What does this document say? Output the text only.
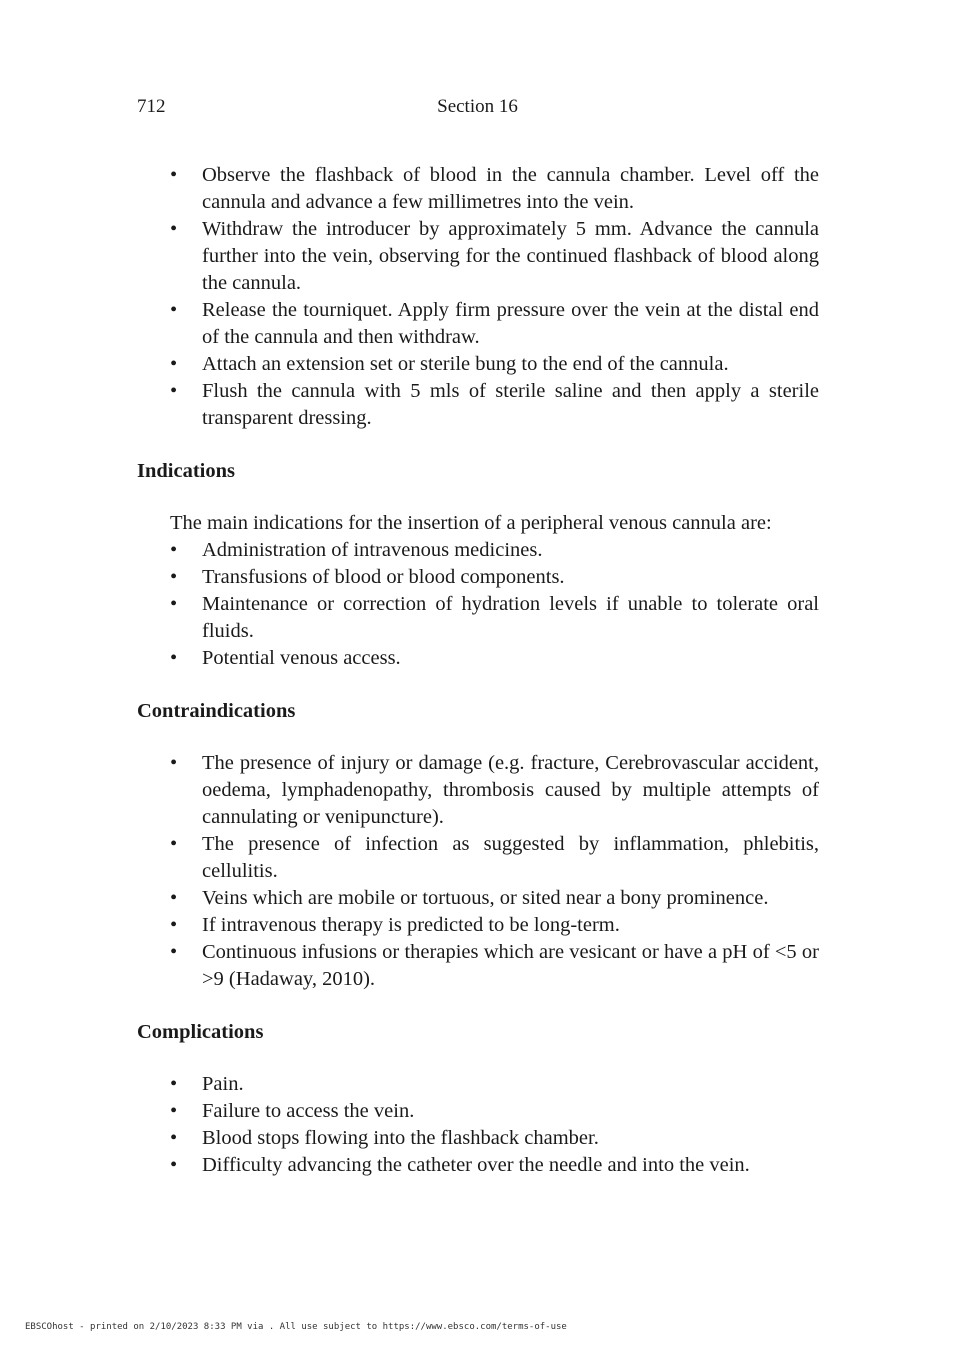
712	Section 16
• Observe the flashback of blood in the cannula chamber. Level off the cannula and advance a few millimetres into the vein.
• Withdraw the introducer by approximately 5 mm. Advance the cannula further into the vein, observing for the continued flashback of blood along the cannula.
• Release the tourniquet. Apply firm pressure over the vein at the distal end of the cannula and then withdraw.
• Attach an extension set or sterile bung to the end of the cannula.
• Flush the cannula with 5 mls of sterile saline and then apply a sterile transparent dressing.
Indications
The main indications for the insertion of a peripheral venous cannula are:
• Administration of intravenous medicines.
• Transfusions of blood or blood components.
• Maintenance or correction of hydration levels if unable to tolerate oral fluids.
• Potential venous access.
Contraindications
• The presence of injury or damage (e.g. fracture, Cerebrovascular accident, oedema, lymphadenopathy, thrombosis caused by multiple attempts of cannulating or venipuncture).
• The presence of infection as suggested by inflammation, phlebitis, cellulitis.
• Veins which are mobile or tortuous, or sited near a bony prominence.
• If intravenous therapy is predicted to be long-term.
• Continuous infusions or therapies which are vesicant or have a pH of <5 or >9 (Hadaway, 2010).
Complications
• Pain.
• Failure to access the vein.
• Blood stops flowing into the flashback chamber.
• Difficulty advancing the catheter over the needle and into the vein.
EBSCOhost - printed on 2/10/2023 8:33 PM via . All use subject to https://www.ebsco.com/terms-of-use
